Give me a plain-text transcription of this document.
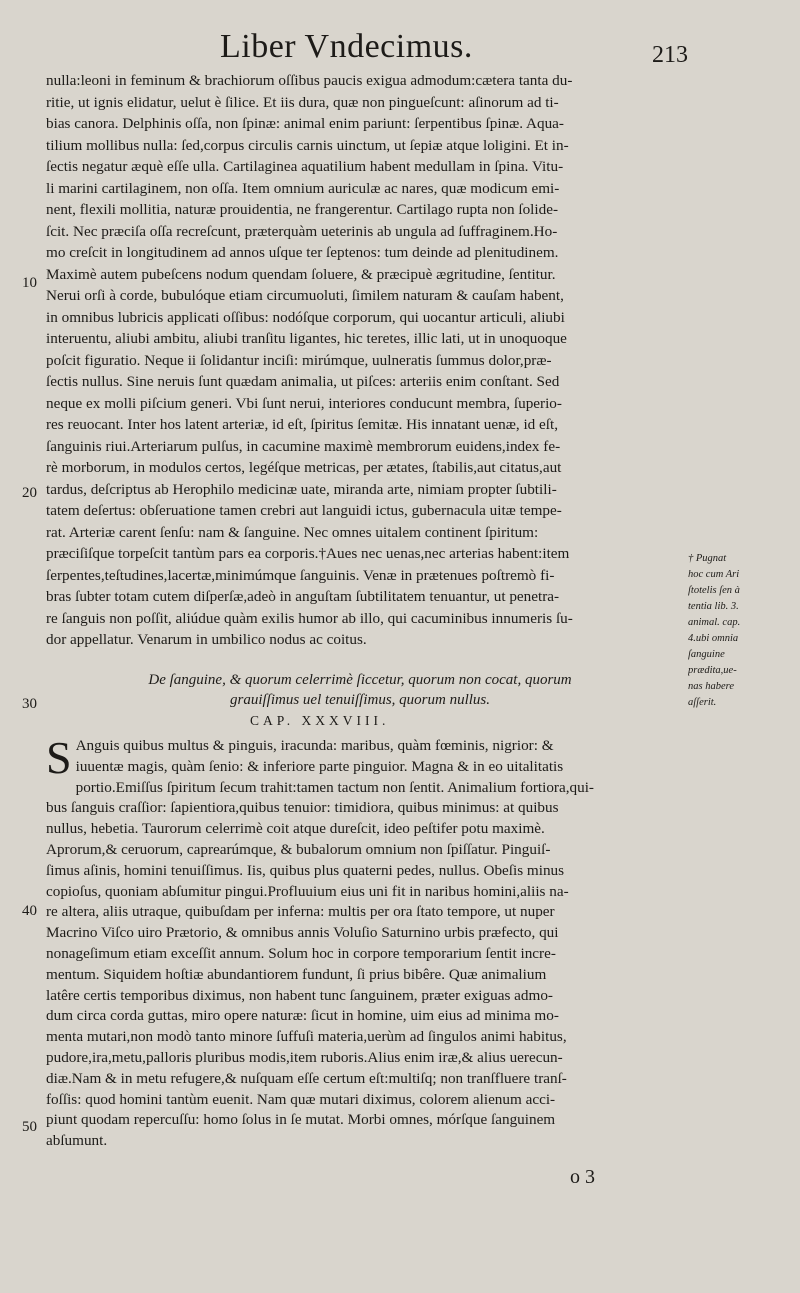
Liber Vndecimus.	213
nulla:leoni in feminum & brachiorum oſſibus paucis exigua admodum:cætera tanta du-
ritie, ut ignis elidatur, uelut è ſilice. Et iis dura, quæ non pingueſcunt: aſinorum ad ti-
bias canora. Delphinis oſſa, non ſpinæ: animal enim pariunt: ſerpentibus ſpinæ. Aqua-
tilium mollibus nulla: ſed,corpus circulis carnis uinctum, ut ſepiæ atque loligini. Et in-
ſectis negatur æquè eſſe ulla. Cartilaginea aquatilium habent medullam in ſpina. Vitu-
li marini cartilaginem, non oſſa. Item omnium auriculæ ac nares, quæ modicum emi-
nent, flexili mollitia, naturæ prouidentia, ne frangerentur. Cartilago rupta non ſolide-
ſcit. Nec præciſa oſſa recreſcunt, præterquàm ueterinis ab ungula ad ſuffraginem.Ho-
mo creſcit in longitudinem ad annos uſque ter ſeptenos: tum deinde ad plenitudinem.
Maximè autem pubeſcens nodum quendam ſoluere, & præcipuè ægritudine, ſentitur.
Nerui orſi à corde, bubulóque etiam circumuoluti, ſimilem naturam & cauſam habent,
in omnibus lubricis applicati oſſibus: nodóſque corporum, qui uocantur articuli, aliubi
interuentu, aliubi ambitu, aliubi tranſitu ligantes, hic teretes, illic lati, ut in unoquoque
poſcit figuratio. Neque ii ſolidantur inciſi: mirúmque, uulneratis ſummus dolor,præ-
ſectis nullus. Sine neruis ſunt quædam animalia, ut piſces: arteriis enim conſtant. Sed
neque ex molli piſcium generi. Vbi ſunt nerui, interiores conducunt membra, ſuperio-
res reuocant. Inter hos latent arteriæ, id eſt, ſpiritus ſemitæ. His innatant uenæ, id eſt,
ſanguinis riui.Arteriarum pulſus, in cacumine maximè membrorum euidens,index fe-
rè morborum, in modulos certos, legéſque metricas, per ætates, ſtabilis,aut citatus,aut
tardus, deſcriptus ab Herophilo medicinæ uate, miranda arte, nimiam propter ſubtili-
tatem deſertus: obſeruatione tamen crebri aut languidi ictus, gubernacula uitæ tempe-
rat. Arteriæ carent ſenſu: nam & ſanguine. Nec omnes uitalem continent ſpiritum:
præciſiſque torpeſcit tantùm pars ea corporis.†Aues nec uenas,nec arterias habent:item
ſerpentes,teſtudines,lacertæ,minimúmque ſanguinis. Venæ in prætenues poſtremò fi-
bras ſubter totam cutem diſperſæ,adeò in anguſtam ſubtilitatem tenuantur, ut penetra-
re ſanguis non poſſit, aliúdue quàm exilis humor ab illo, qui cacuminibus innumeris ſu-
dor appellatur. Venarum in umbilico nodus ac coitus.
De ſanguine, & quorum celerrimè ſiccetur, quorum non cocat, quorum
grauiſſimus uel tenuiſſimus, quorum nullus.
CAP. XXXVIII.
S Anguis quibus multus & pinguis, iracunda: maribus, quàm fœminis, nigrior: &
iuuentæ magis, quàm ſenio: & inferiore parte pinguior. Magna & in eo uitalitatis
portio.Emiſſus ſpiritum ſecum trahit:tamen tactum non ſentit. Animalium fortiora,qui-
bus ſanguis craſſior: ſapientiora,quibus tenuior: timidiora, quibus minimus: at quibus
nullus, hebetia. Taurorum celerrimè coit atque dureſcit, ideo peſtifer potu maximè.
Aprorum,& ceruorum, caprearúmque, & bubalorum omnium non ſpiſſatur. Pinguiſ-
ſimus aſinis, homini tenuiſſimus. Iis, quibus plus quaterni pedes, nullus. Obeſis minus
copioſus, quoniam abſumitur pingui.Profluuium eius uni fit in naribus homini,aliis na-
re altera, aliis utraque, quibuſdam per inferna: multis per ora ſtato tempore, ut nuper
Macrino Viſco uiro Prætorio, & omnibus annis Voluſio Saturnino urbis præfecto, qui
nonageſimum etiam exceſſit annum. Solum hoc in corpore temporarium ſentit incre-
mentum. Siquidem hoſtiæ abundantiorem fundunt, ſi prius bibêre. Quæ animalium
latêre certis temporibus diximus, non habent tunc ſanguinem, præter exiguas admo-
dum circa corda guttas, miro opere naturæ: ſicut in homine, uim eius ad minima mo-
menta mutari,non modò tanto minore ſuffuſi materia,uerùm ad ſingulos animi habitus,
pudore,ira,metu,palloris pluribus modis,item ruboris.Alius enim iræ,& alius uerecun-
diæ.Nam & in metu refugere,& nuſquam eſſe certum eſt:multiſq; non tranſfluere tranſ-
foſſis: quod homini tantùm euenit. Nam quæ mutari diximus, colorem alienum acci-
piunt quodam repercuſſu: homo ſolus in ſe mutat. Morbi omnes, mórſque ſanguinem
abſumunt.
10
20
30
40
50
† Pugnat
hoc cum Ari
ſtotelis ſen à
tentia lib. 3.
animal. cap.
4.ubi omnia
ſanguine
prædita,ue-
nas habere
aſſerit.
o 3
